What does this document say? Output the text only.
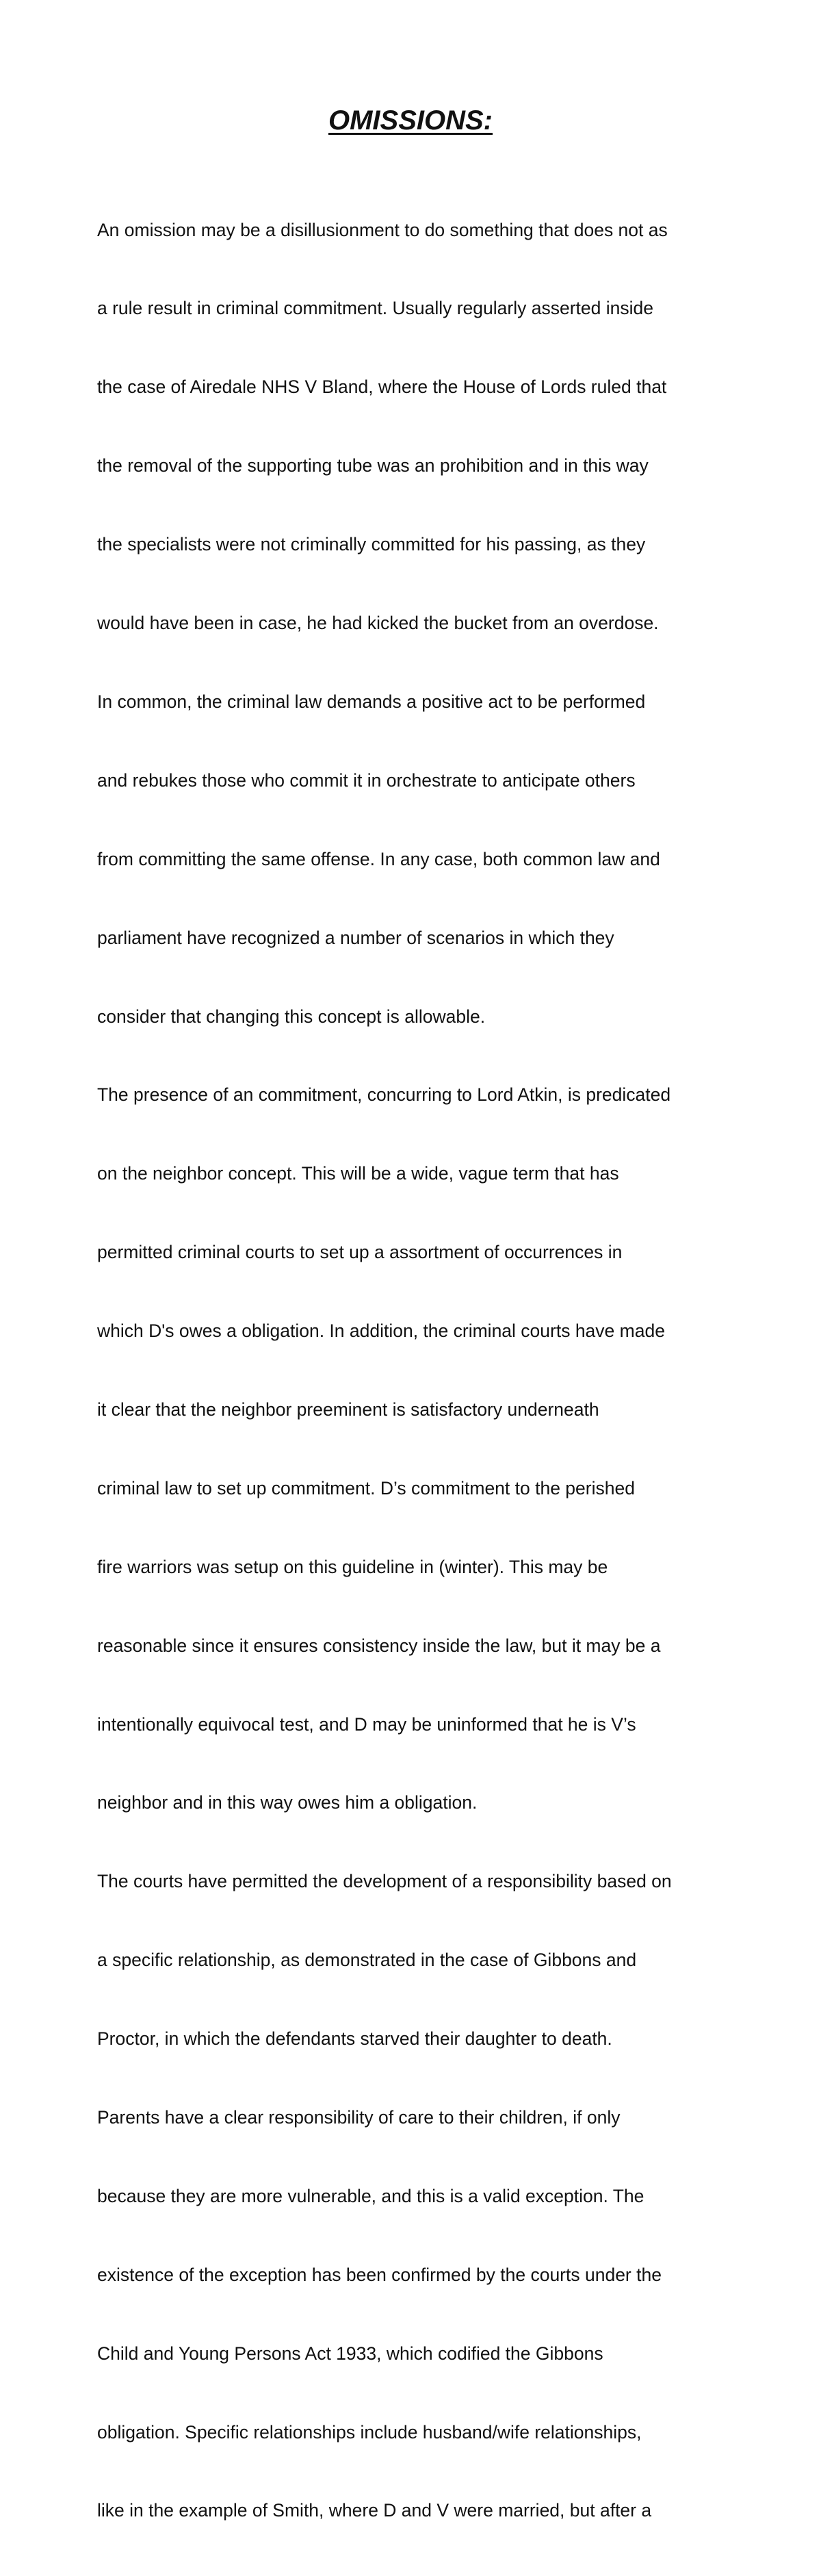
OMISSIONS:

An omission may be a disillusionment to do something that does not as

a rule result in criminal commitment. Usually regularly asserted inside

the case of Airedale NHS V Bland, where the House of Lords ruled that

the removal of the supporting tube was an prohibition and in this way

the specialists were not criminally committed for his passing, as they

would have been in case, he had kicked the bucket from an overdose.

In common, the criminal law demands a positive act to be performed

and rebukes those who commit it in orchestrate to anticipate others

from committing the same offense. In any case, both common law and

parliament have recognized a number of scenarios in which they

consider that changing this concept is allowable.

The presence of an commitment, concurring to Lord Atkin, is predicated

on the neighbor concept. This will be a wide, vague term that has

permitted criminal courts to set up a assortment of occurrences in

which D's owes a obligation. In addition, the criminal courts have made

it clear that the neighbor preeminent is satisfactory underneath

criminal law to set up commitment. D’s commitment to the perished

fire warriors was setup on this guideline in (winter). This may be

reasonable since it ensures consistency inside the law, but it may be a

intentionally equivocal test, and D may be uninformed that he is V’s

neighbor and in this way owes him a obligation.

The courts have permitted the development of a responsibility based on

a specific relationship, as demonstrated in the case of Gibbons and

Proctor, in which the defendants starved their daughter to death.

Parents have a clear responsibility of care to their children, if only

because they are more vulnerable, and this is a valid exception. The

existence of the exception has been confirmed by the courts under the

Child and Young Persons Act 1933, which codified the Gibbons

obligation. Specific relationships include husband/wife relationships,

like in the example of Smith, where D and V were married, but after a
